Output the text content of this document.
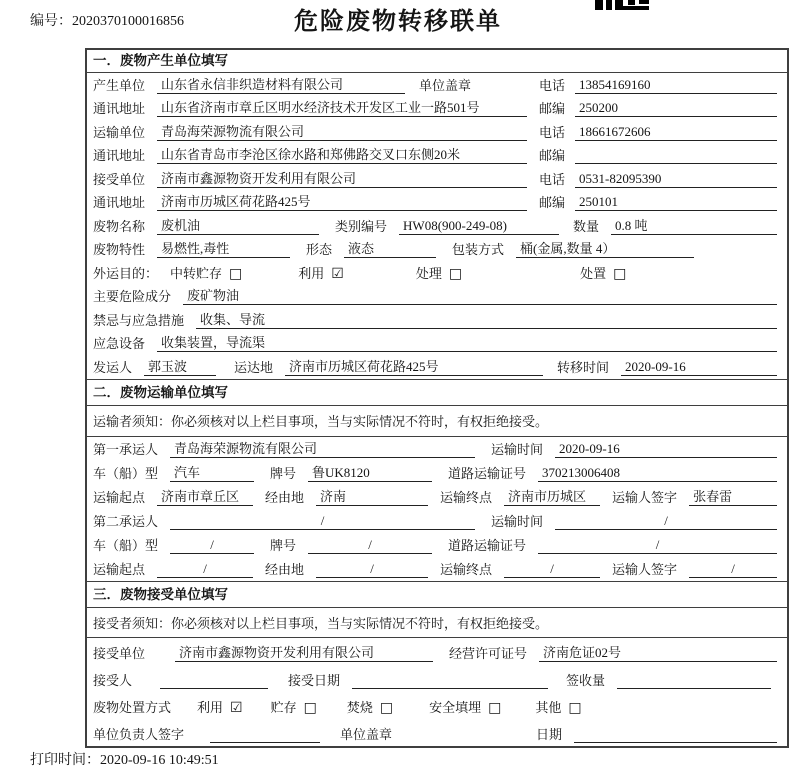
编号：2020370100016856	危险废物转移联单
一．废物产生单位填写
产生单位	山东省永信非织造材料有限公司	单位盖章	电话	13854169160
通讯地址	山东省济南市章丘区明水经济技术开发区工业一路501号	邮编	250200
运输单位	青岛海荣源物流有限公司	电话	18661672606
通讯地址	山东省青岛市李沧区徐水路和郑佛路交叉口东侧20米	邮编
接受单位	济南市鑫源物资开发利用有限公司	电话	0531-82095390
通讯地址	济南市历城区荷花路425号	邮编	250101
废物名称	废机油	类别编号	HW08(900-249-08)	数量	0.8 吨
废物特性	易燃性,毒性	形态	液态	包装方式	桶(金属,数量 4）
外运目的： 中转贮存 □	利用 ☑	处理 □	处置 □
主要危险成分	废矿物油
禁忌与应急措施	收集、导流
应急设备	收集装置，导流渠
发运人	郭玉波	运达地	济南市历城区荷花路425号	转移时间	2020-09-16
二．废物运输单位填写
运输者须知：你必须核对以上栏目事项，当与实际情况不符时，有权拒绝接受。
第一承运人	青岛海荣源物流有限公司	运输时间	2020-09-16
车（船）型	汽车	牌号	鲁UK8120	道路运输证号	370213006408
运输起点	济南市章丘区	经由地	济南	运输终点	济南市历城区	运输人签字	张春雷
第二承运人	/	运输时间	/
车（船）型	/	牌号	/	道路运输证号	/
运输起点	/	经由地	/	运输终点	/	运输人签字	/
三．废物接受单位填写
接受者须知：你必须核对以上栏目事项，当与实际情况不符时，有权拒绝接受。
接受单位	济南市鑫源物资开发利用有限公司	经营许可证号	济南危证02号
接受人	接受日期	签收量
废物处置方式 利用 ☑ 贮存 □ 焚烧 □	安全填埋 □	其他 □
单位负责人签字	单位盖章	日期
打印时间：2020-09-16 10:49:51
